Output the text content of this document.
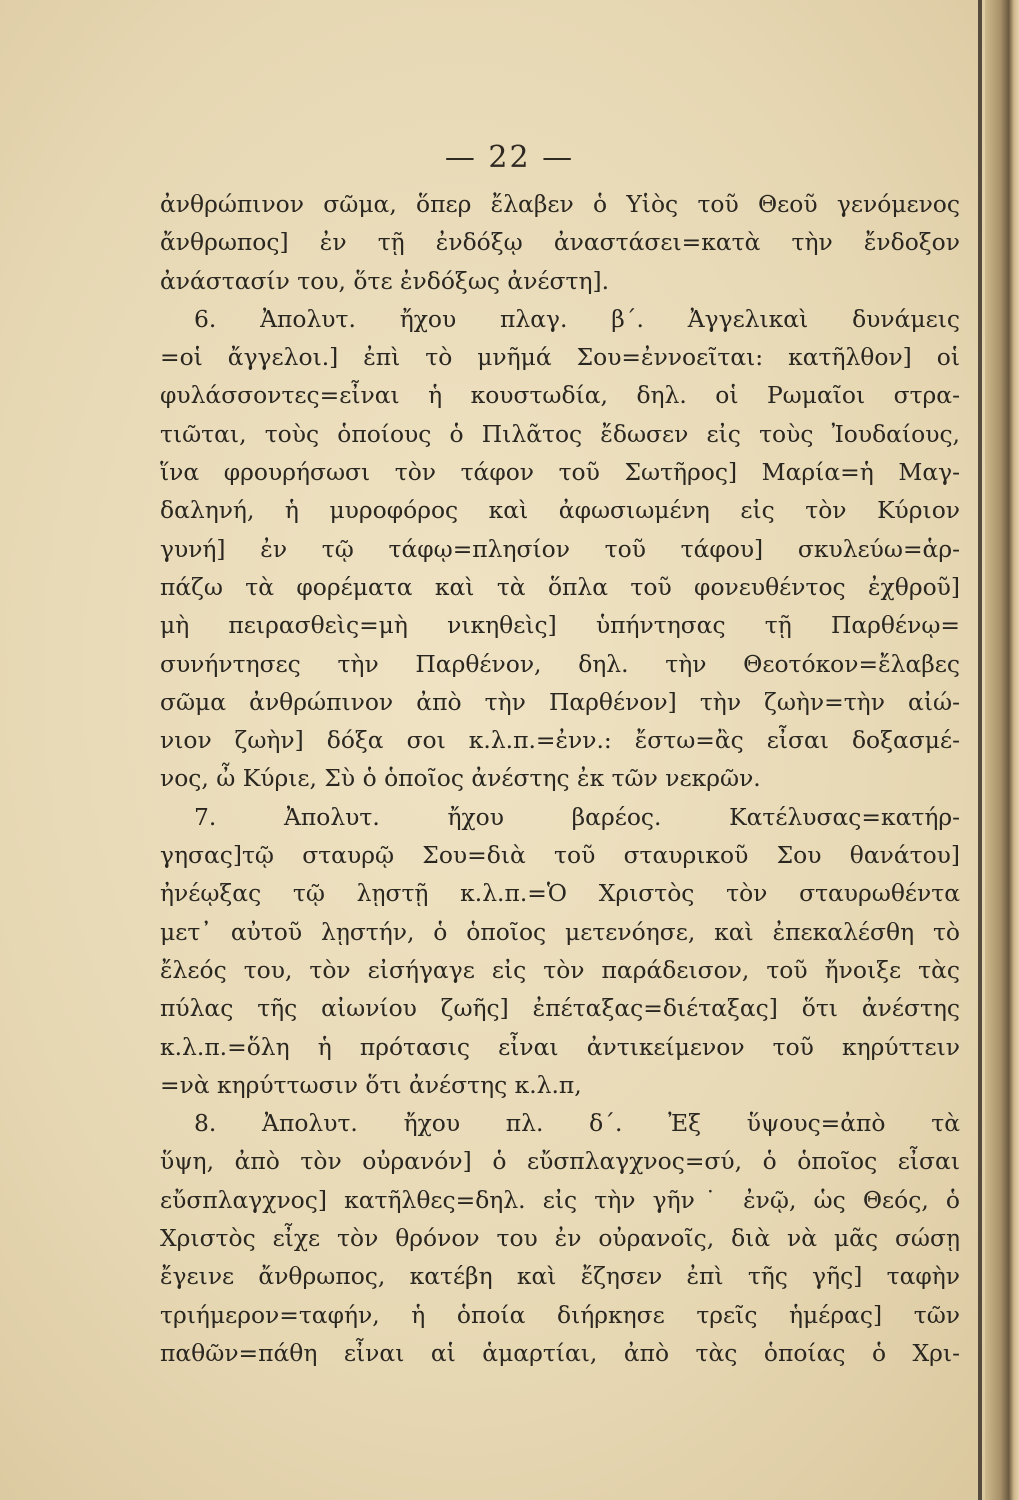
— 22 —
ἀνθρώπινον σῶμα, ὅπερ ἔλαβεν ὁ Υἱὸς τοῦ Θεοῦ γενόμενος
ἄνθρωπος] ἐν τῇ ἐνδόξῳ ἀναστάσει=κατὰ τὴν ἔνδοξον
ἀνάστασίν του, ὅτε ἐνδόξως ἀνέστη].
6. Ἀπολυτ. ἤχου πλαγ. β΄. Ἀγγελικαὶ δυνάμεις
=οἱ ἄγγελοι.] ἐπὶ τὸ μνῆμά Σου=ἐννοεῖται: κατῆλθον] οἱ
φυλάσσοντες=εἶναι ἡ κουστωδία, δηλ. οἱ Ρωμαῖοι στρα-
τιῶται, τοὺς ὁποίους ὁ Πιλᾶτος ἔδωσεν εἰς τοὺς Ἰουδαίους,
ἵνα φρουρήσωσι τὸν τάφον τοῦ Σωτῆρος] Μαρία=ἡ Μαγ-
δαληνή, ἡ μυροφόρος καὶ ἀφωσιωμένη εἰς τὸν Κύριον
γυνή] ἐν τῷ τάφῳ=πλησίον τοῦ τάφου] σκυλεύω=ἁρ-
πάζω τὰ φορέματα καὶ τὰ ὅπλα τοῦ φονευθέντος ἐχθροῦ]
μὴ πειρασθεὶς=μὴ νικηθεὶς] ὑπήντησας τῇ Παρθένῳ=
συνήντησες τὴν Παρθένον, δηλ. τὴν Θεοτόκον=ἔλαβες
σῶμα ἀνθρώπινον ἀπὸ τὴν Παρθένον] τὴν ζωὴν=τὴν αἰώ-
νιον ζωὴν] δόξα σοι κ.λ.π.=ἐνν.: ἔστω=ἂς εἶσαι δοξασμέ-
νος, ὦ Κύριε, Σὺ ὁ ὁποῖος ἀνέστης ἐκ τῶν νεκρῶν.
7. Ἀπολυτ. ἤχου βαρέος. Κατέλυσας=κατήρ-
γησας]τῷ σταυρῷ Σου=διὰ τοῦ σταυρικοῦ Σου θανάτου]
ἠνέῳξας τῷ λῃστῇ κ.λ.π.=Ὁ Χριστὸς τὸν σταυρωθέντα
μετ᾽ αὐτοῦ λῃστήν, ὁ ὁποῖος μετενόησε, καὶ ἐπεκαλέσθη τὸ
ἔλεός του, τὸν εἰσήγαγε εἰς τὸν παράδεισον, τοῦ ἤνοιξε τὰς
πύλας τῆς αἰωνίου ζωῆς] ἐπέταξας=διέταξας] ὅτι ἀνέστης
κ.λ.π.=ὅλη ἡ πρότασις εἶναι ἀντικείμενον τοῦ κηρύττειν
=νὰ κηρύττωσιν ὅτι ἀνέστης κ.λ.π,
8. Ἀπολυτ. ἤχου πλ. δ΄. Ἐξ ὕψους=ἀπὸ τὰ
ὕψη, ἀπὸ τὸν οὐρανόν] ὁ εὔσπλαγχνος=σύ, ὁ ὁποῖος εἶσαι
εὔσπλαγχνος] κατῆλθες=δηλ. εἰς τὴν γῆν˙ ἐνῷ, ὡς Θεός, ὁ
Χριστὸς εἶχε τὸν θρόνον του ἐν οὐρανοῖς, διὰ νὰ μᾶς σώσῃ
ἔγεινε ἄνθρωπος, κατέβη καὶ ἔζησεν ἐπὶ τῆς γῆς] ταφὴν
τριήμερον=ταφήν, ἡ ὁποία διήρκησε τρεῖς ἡμέρας] τῶν
παθῶν=πάθη εἶναι αἱ ἁμαρτίαι, ἀπὸ τὰς ὁποίας ὁ Χρι-
